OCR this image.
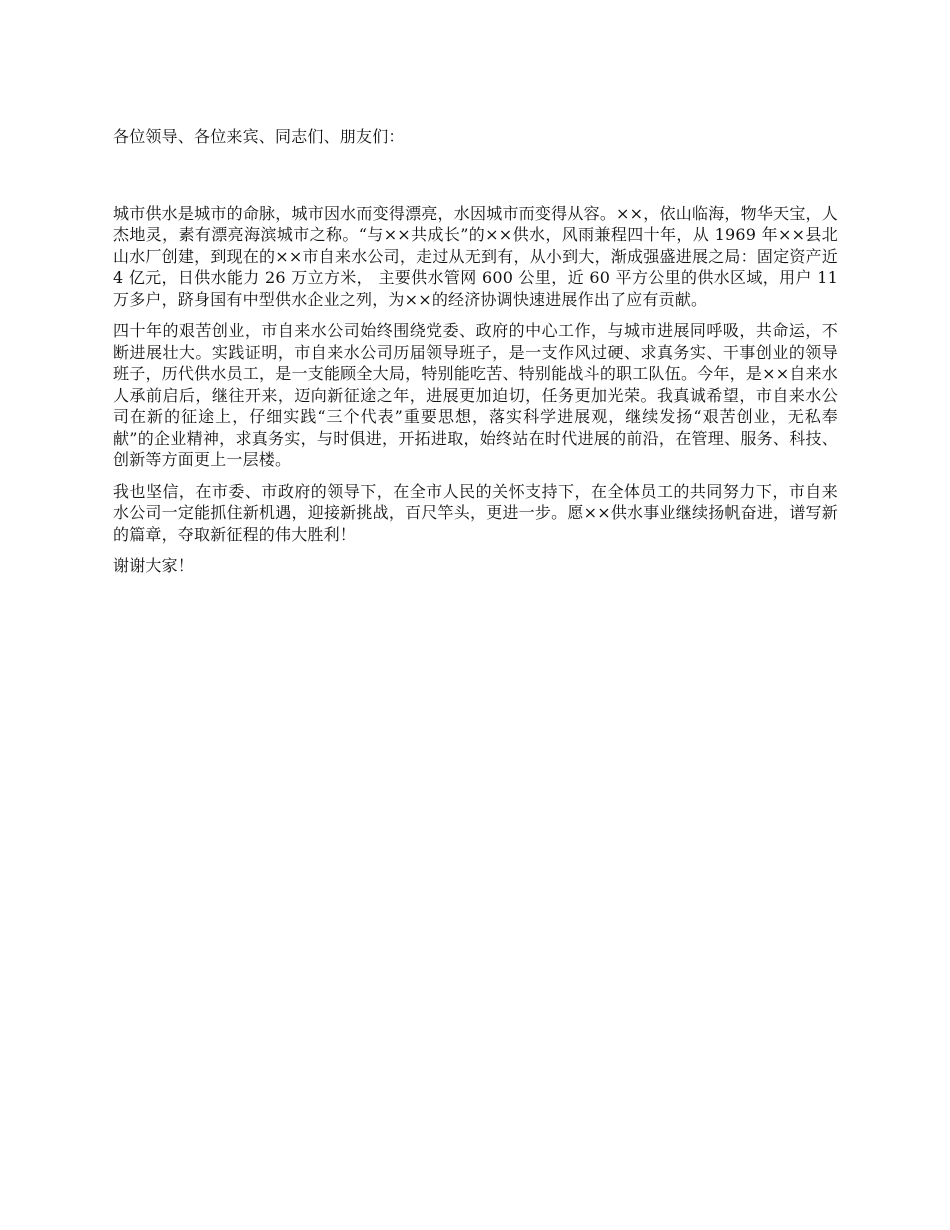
各位领导、各位来宾、同志们、朋友们：

城市供水是城市的命脉，城市因水而变得漂亮，水因城市而变得从容。××，依山临海，物华天宝，人杰地灵，素有漂亮海滨城市之称。“与××共成长”的××供水，风雨兼程四十年，从 1969 年××县北山水厂创建，到现在的××市自来水公司，走过从无到有，从小到大，渐成强盛进展之局：固定资产近 4 亿元，日供水能力 26 万立方米， 主要供水管网 600 公里，近 60 平方公里的供水区域，用户 11 万多户，跻身国有中型供水企业之列，为××的经济协调快速进展作出了应有贡献。

四十年的艰苦创业，市自来水公司始终围绕党委、政府的中心工作，与城市进展同呼吸，共命运，不断进展壮大。实践证明，市自来水公司历届领导班子，是一支作风过硬、求真务实、干事创业的领导班子，历代供水员工，是一支能顾全大局，特别能吃苦、特别能战斗的职工队伍。今年，是××自来水人承前启后，继往开来，迈向新征途之年，进展更加迫切，任务更加光荣。我真诚希望，市自来水公司在新的征途上，仔细实践“三个代表”重要思想，落实科学进展观，继续发扬“艰苦创业，无私奉献”的企业精神，求真务实，与时俱进，开拓进取，始终站在时代进展的前沿，在管理、服务、科技、创新等方面更上一层楼。

我也坚信，在市委、市政府的领导下，在全市人民的关怀支持下，在全体员工的共同努力下，市自来水公司一定能抓住新机遇，迎接新挑战，百尺竿头，更进一步。愿××供水事业继续扬帆奋进，谱写新的篇章，夺取新征程的伟大胜利！

谢谢大家！
